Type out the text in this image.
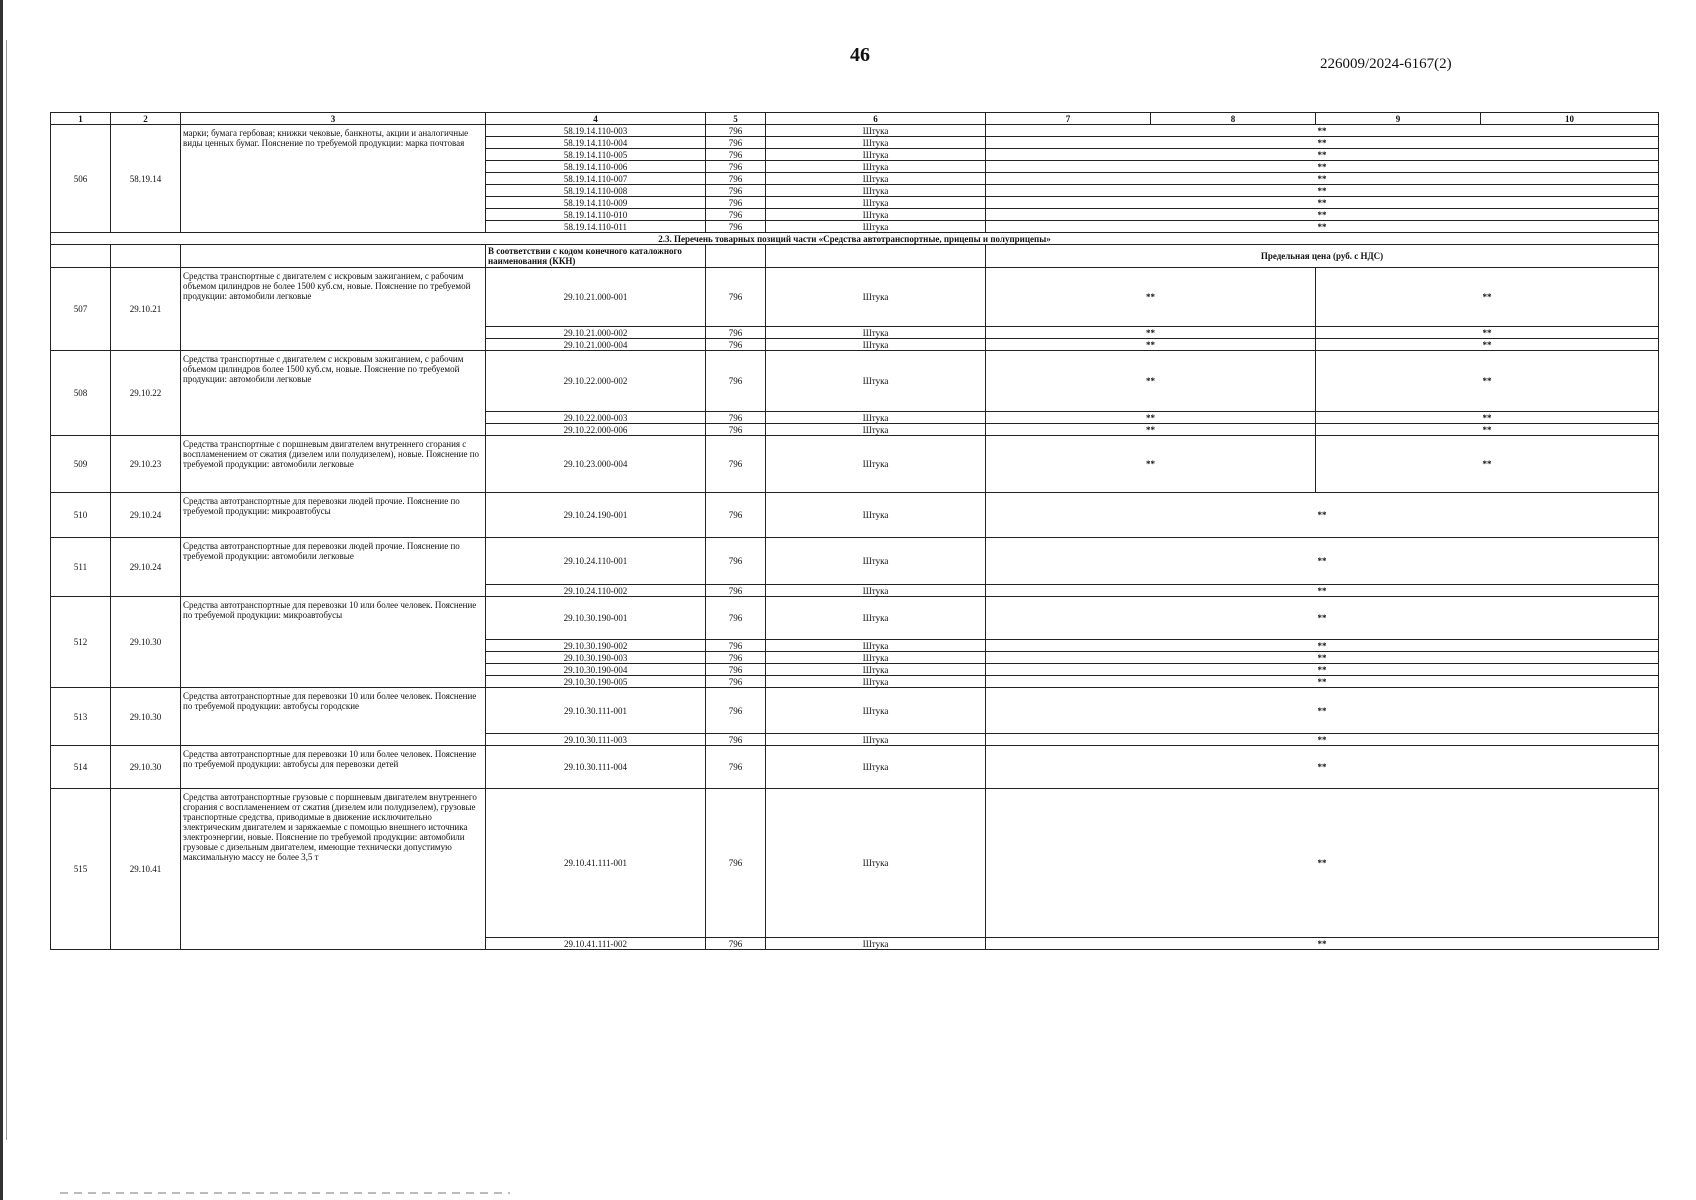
46	226009/2024-6167(2)
1	2	3	4	5	6	7	8	9	10
506	58.19.14	марки; бумага гербовая; книжки чековые, банкноты, акции и аналогичные виды ценных бумаг. Пояснение по требуемой продукции: марка почтовая	58.19.14.110-003	796	Штука	**			
			58.19.14.110-004	796	Штука	**			
			58.19.14.110-005	796	Штука	**			
			58.19.14.110-006	796	Штука	**			
			58.19.14.110-007	796	Штука	**			
			58.19.14.110-008	796	Штука	**			
			58.19.14.110-009	796	Штука	**			
			58.19.14.110-010	796	Штука	**			
			58.19.14.110-011	796	Штука	**			
2.3. Перечень товарных позиций части «Средства автотранспортные, прицепы и полуприцепы»									
			В соответствии с кодом конечного каталожного наименования (ККН)			Предельная цена (руб. с НДС)			
507	29.10.21	Средства транспортные с двигателем с искровым зажиганием, с рабочим объемом цилиндров не более 1500 куб.см, новые. Пояснение по требуемой продукции: автомобили легковые	29.10.21.000-001	796	Штука	**		**	
			29.10.21.000-002	796	Штука	**		**	
			29.10.21.000-004	796	Штука	**		**	
508	29.10.22	Средства транспортные с двигателем с искровым зажиганием, с рабочим объемом цилиндров более 1500 куб.см, новые. Пояснение по требуемой продукции: автомобили легковые	29.10.22.000-002	796	Штука	**		**	
			29.10.22.000-003	796	Штука	**		**	
			29.10.22.000-006	796	Штука	**		**	
509	29.10.23	Средства транспортные с поршневым двигателем внутреннего сгорания с воспламенением от сжатия (дизелем или полудизелем), новые. Пояснение по требуемой продукции: автомобили легковые	29.10.23.000-004	796	Штука	**		**	
510	29.10.24	Средства автотранспортные для перевозки людей прочие. Пояснение по требуемой продукции: микроавтобусы	29.10.24.190-001	796	Штука	**			
511	29.10.24	Средства автотранспортные для перевозки людей прочие. Пояснение по требуемой продукции: автомобили легковые	29.10.24.110-001	796	Штука	**			
			29.10.24.110-002	796	Штука	**			
512	29.10.30	Средства автотранспортные для перевозки 10 или более человек. Пояснение по требуемой продукции: микроавтобусы	29.10.30.190-001	796	Штука	**			
			29.10.30.190-002	796	Штука	**			
			29.10.30.190-003	796	Штука	**			
			29.10.30.190-004	796	Штука	**			
			29.10.30.190-005	796	Штука	**			
513	29.10.30	Средства автотранспортные для перевозки 10 или более человек. Пояснение по требуемой продукции: автобусы городские	29.10.30.111-001	796	Штука	**			
			29.10.30.111-003	796	Штука	**			
514	29.10.30	Средства автотранспортные для перевозки 10 или более человек. Пояснение по требуемой продукции: автобусы для перевозки детей	29.10.30.111-004	796	Штука	**			
515	29.10.41	Средства автотранспортные грузовые с поршневым двигателем внутреннего сгорания с воспламенением от сжатия (дизелем или полудизелем), грузовые транспортные средства, приводимые в движение исключительно электрическим двигателем и заряжаемые с помощью внешнего источника электроэнергии, новые. Пояснение по требуемой продукции: автомобили грузовые с дизельным двигателем, имеющие технически допустимую максимальную массу не более 3,5 т	29.10.41.111-001	796	Штука	**			
			29.10.41.111-002	796	Штука	**			
